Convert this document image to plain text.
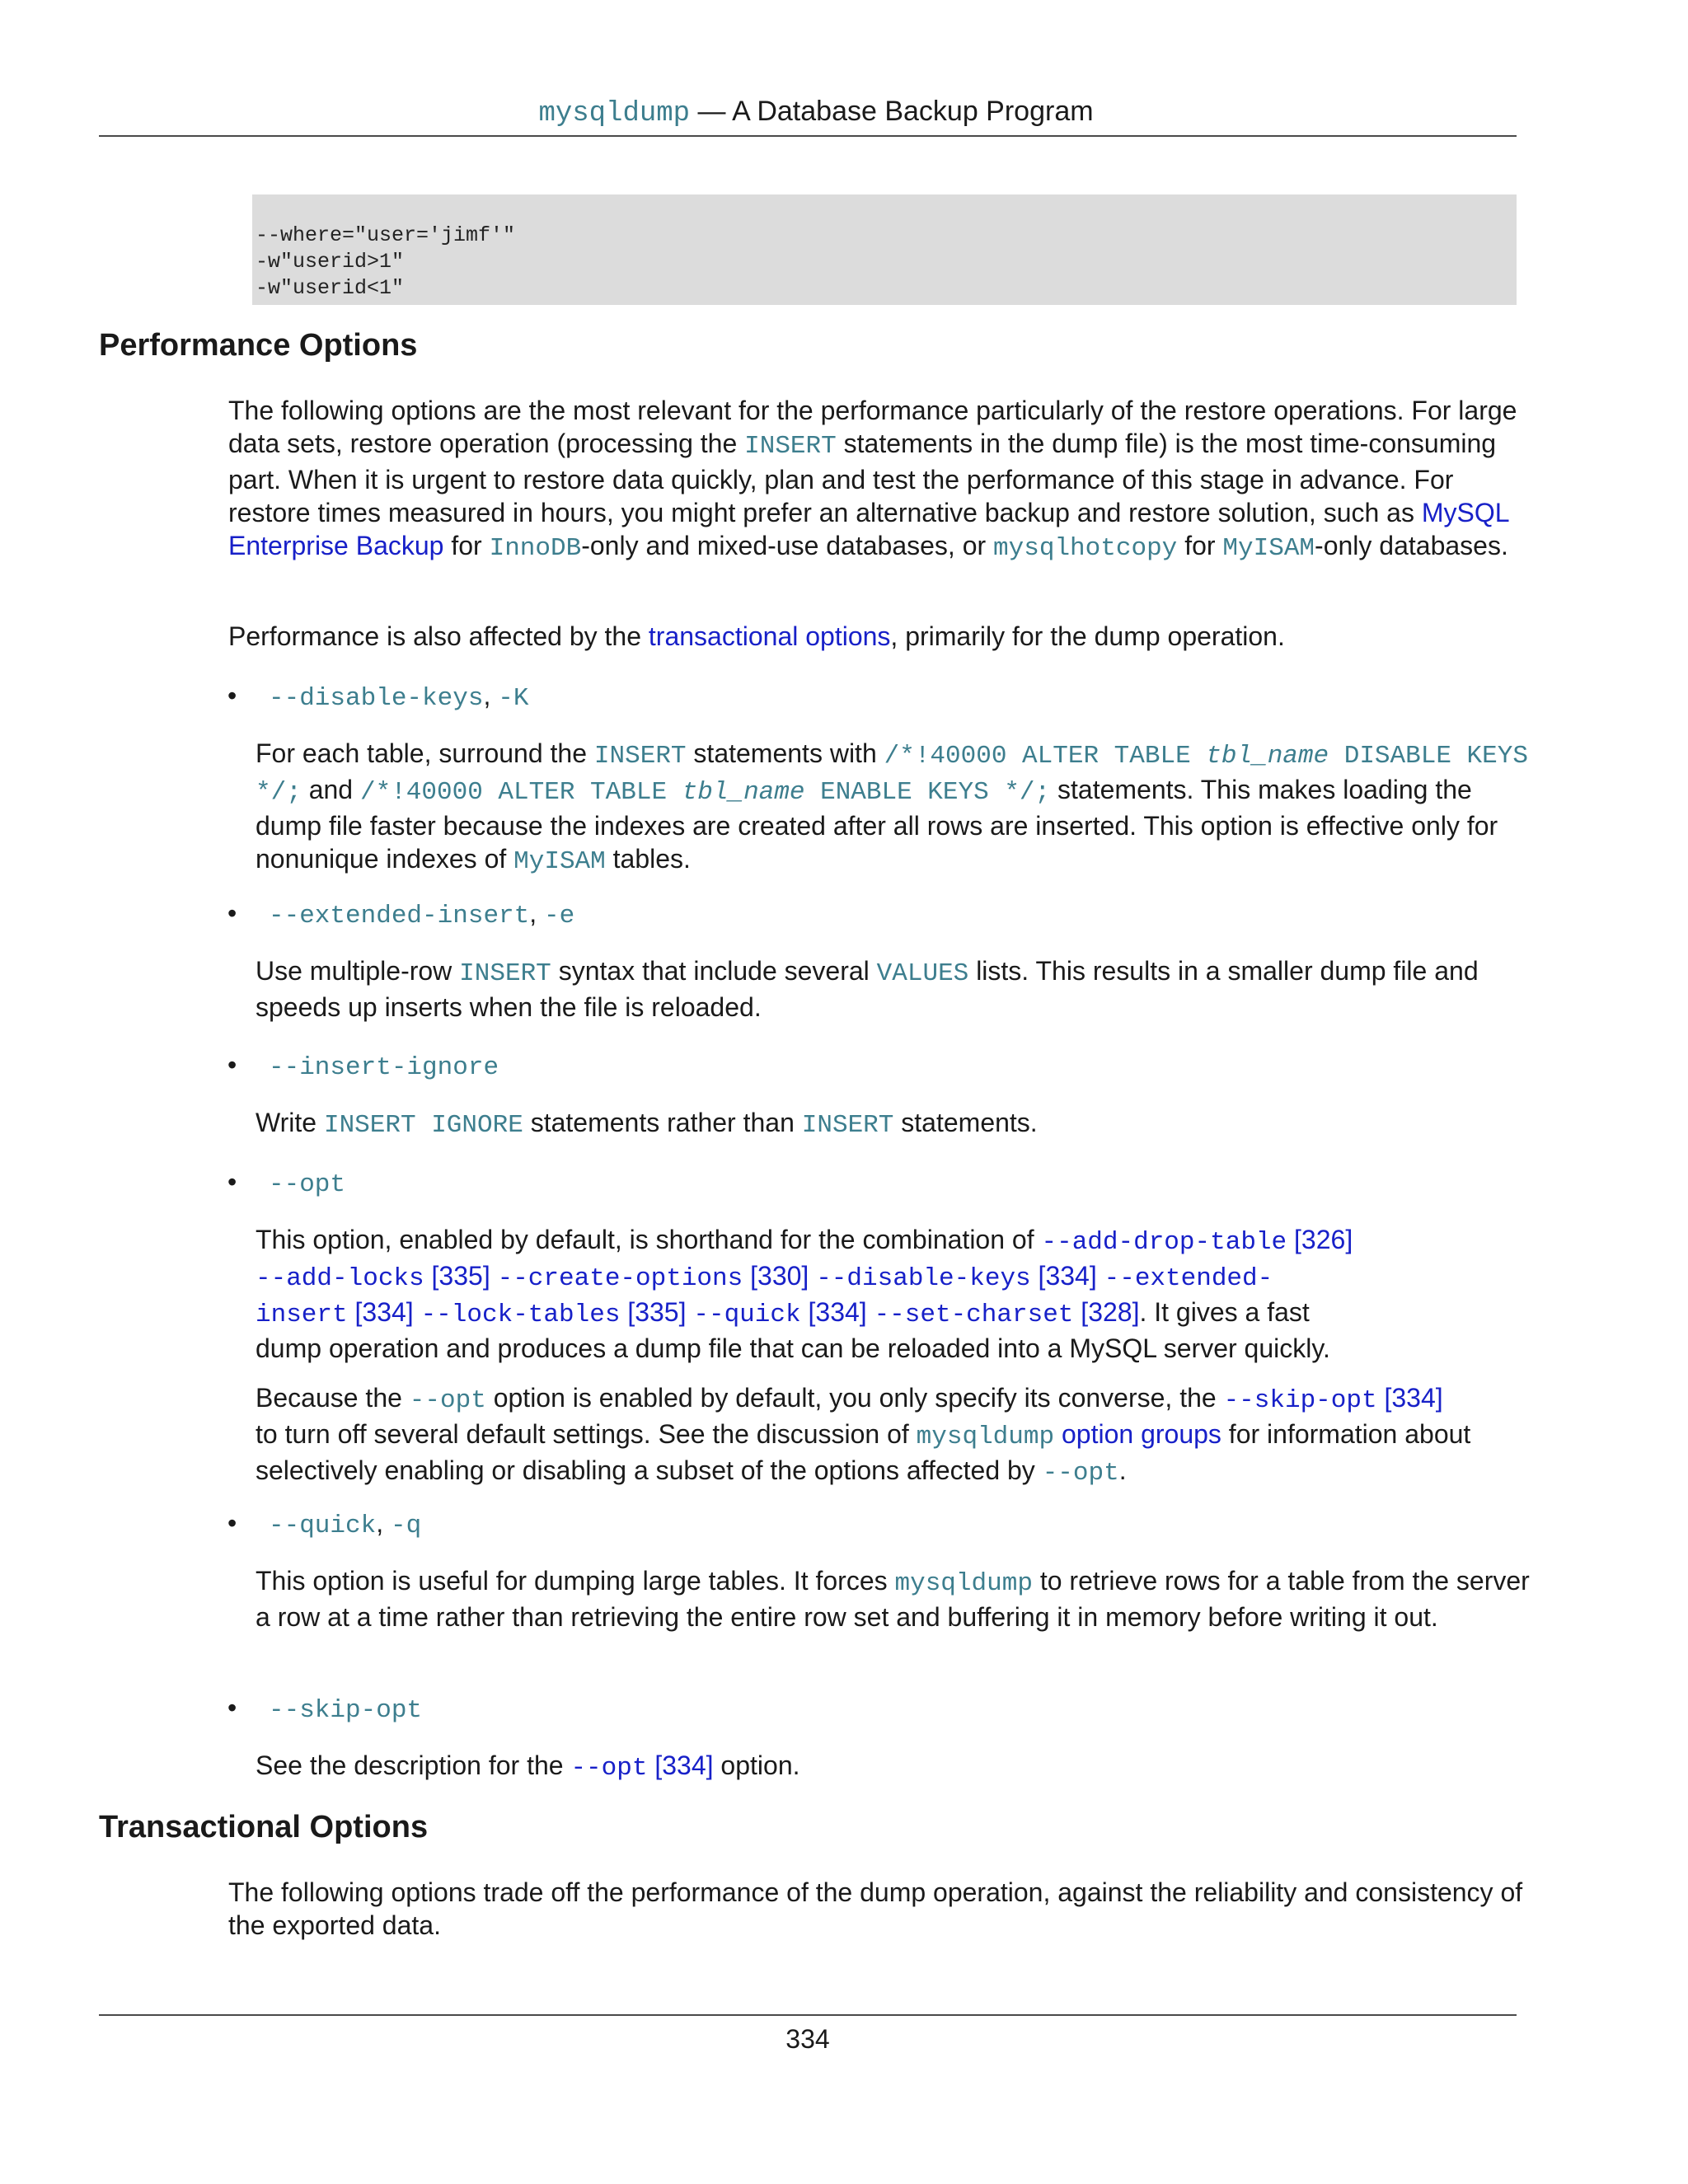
mysqldump — A Database Backup Program
--where="user='jimf'"
-w"userid>1"
-w"userid<1"
Performance Options

The following options are the most relevant for the performance particularly of the restore operations. For large data sets, restore operation (processing the INSERT statements in the dump file) is the most time-consuming part. When it is urgent to restore data quickly, plan and test the performance of this stage in advance. For restore times measured in hours, you might prefer an alternative backup and restore solution, such as MySQL Enterprise Backup for InnoDB-only and mixed-use databases, or mysqlhotcopy for MyISAM-only databases.

Performance is also affected by the transactional options, primarily for the dump operation.

•	--disable-keys, -K

For each table, surround the INSERT statements with /*!40000 ALTER TABLE tbl_name DISABLE KEYS */; and /*!40000 ALTER TABLE tbl_name ENABLE KEYS */; statements. This makes loading the dump file faster because the indexes are created after all rows are inserted. This option is effective only for nonunique indexes of MyISAM tables.

•	--extended-insert, -e

Use multiple-row INSERT syntax that include several VALUES lists. This results in a smaller dump file and speeds up inserts when the file is reloaded.

•	--insert-ignore

Write INSERT IGNORE statements rather than INSERT statements.

•	--opt

This option, enabled by default, is shorthand for the combination of --add-drop-table [326]
--add-locks [335] --create-options [330] --disable-keys [334] --extended-
insert [334] --lock-tables [335] --quick [334] --set-charset [328]. It gives a fast
dump operation and produces a dump file that can be reloaded into a MySQL server quickly.

Because the --opt option is enabled by default, you only specify its converse, the --skip-opt [334]
to turn off several default settings. See the discussion of mysqldump option groups for information about selectively enabling or disabling a subset of the options affected by --opt.

•	--quick, -q

This option is useful for dumping large tables. It forces mysqldump to retrieve rows for a table from the server a row at a time rather than retrieving the entire row set and buffering it in memory before writing it out.

•	--skip-opt

See the description for the --opt [334] option.

Transactional Options

The following options trade off the performance of the dump operation, against the reliability and consistency of the exported data.

334
